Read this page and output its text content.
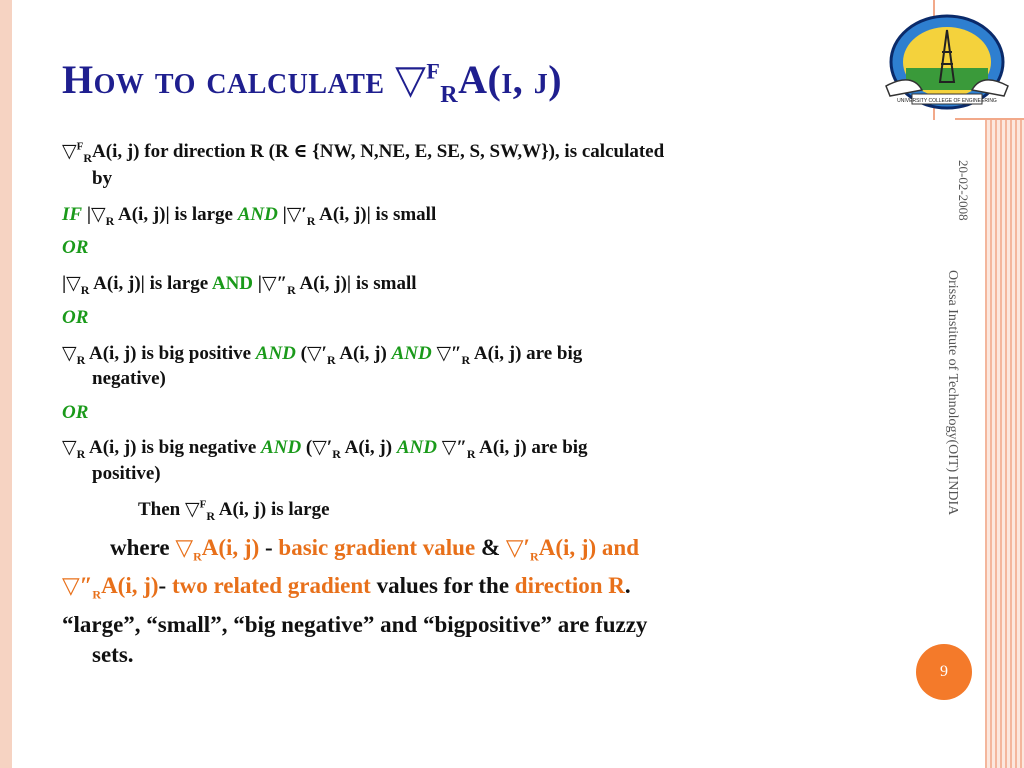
How to calculate ▽$^F_R$A(i, j)	UNIVERSITY COLLEGE OF ENGINEERING
20-02-2008
Orissa Institute of Technology(OIT) INDIA
▽$^F_R$A(i, j) for direction R (R ∈ {NW, N,NE, E, SE, S, SW,W}), is calculated
by
IF $|▽_R$ A(i, j)| is large AND $|▽'_R$ A(i, j)| is small
OR
$|▽_R$ A(i, j)| is large AND $|▽''_R$ A(i, j)| is small
OR
$▽_R$ A(i, j) is big positive AND ($▽'_R$ A(i, j) AND $▽''_R$ A(i, j) are big
negative)
OR
$▽_R$ A(i, j) is big negative AND ($▽'_R$ A(i, j) AND $▽''_R$ A(i, j) are big
positive)
Then ▽$^F_R$ A(i, j) is large
where $▽_RA(i$, j) - basic gradient value & $▽'_RA(i$, j) and
$▽''_RA(i$, j)- two related gradient values for the direction R.
“large”, “small”, “big negative” and “bigpositive” are fuzzy
sets.
9
